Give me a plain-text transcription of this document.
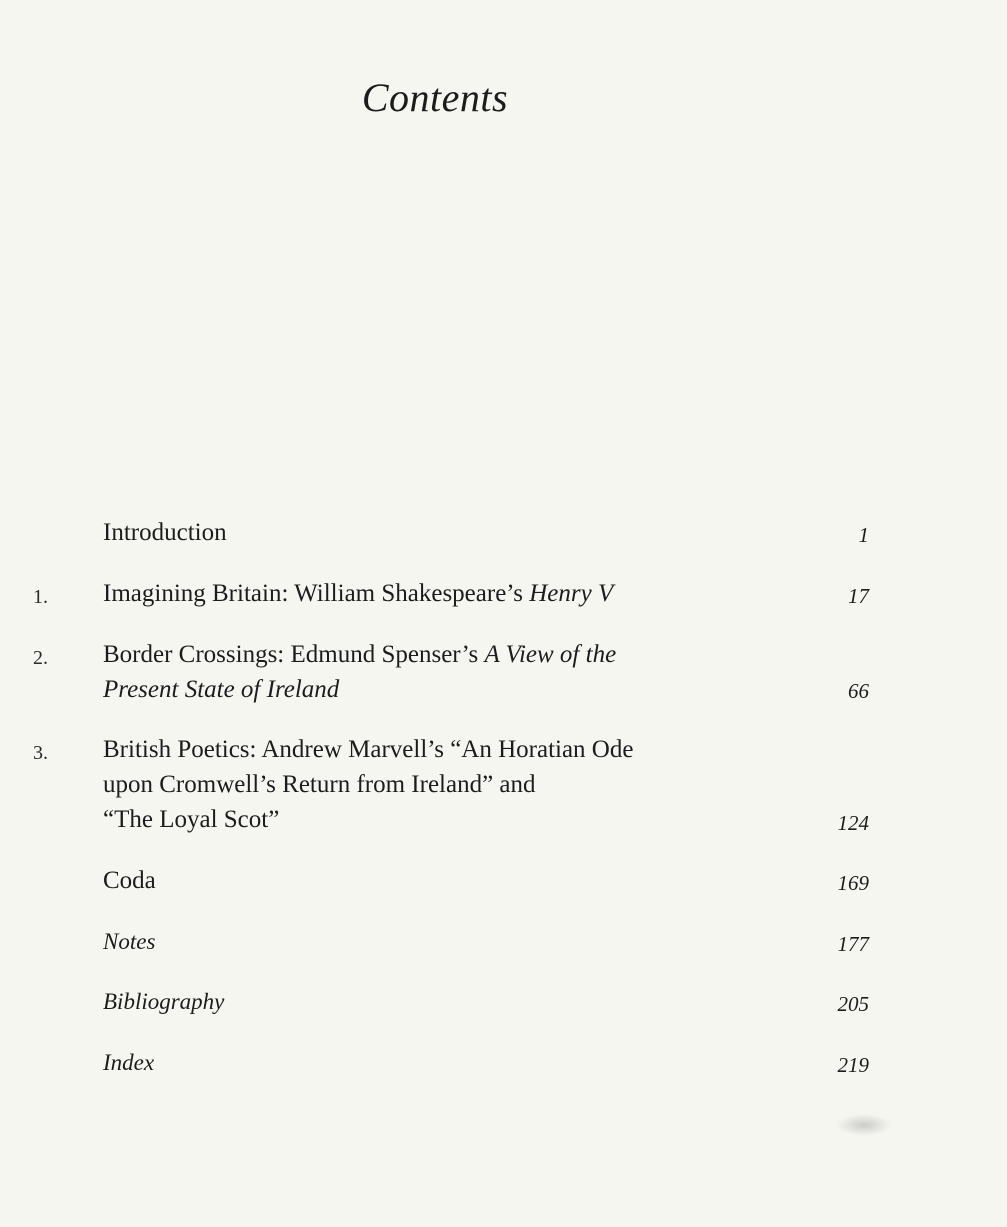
Contents
Introduction	1
1. Imagining Britain: William Shakespeare’s Henry V	17
2. Border Crossings: Edmund Spenser’s A View of the
Present State of Ireland	66
3. British Poetics: Andrew Marvell’s “An Horatian Ode
upon Cromwell’s Return from Ireland” and
“The Loyal Scot”	124
Coda	169
Notes	177
Bibliography	205
Index	219
